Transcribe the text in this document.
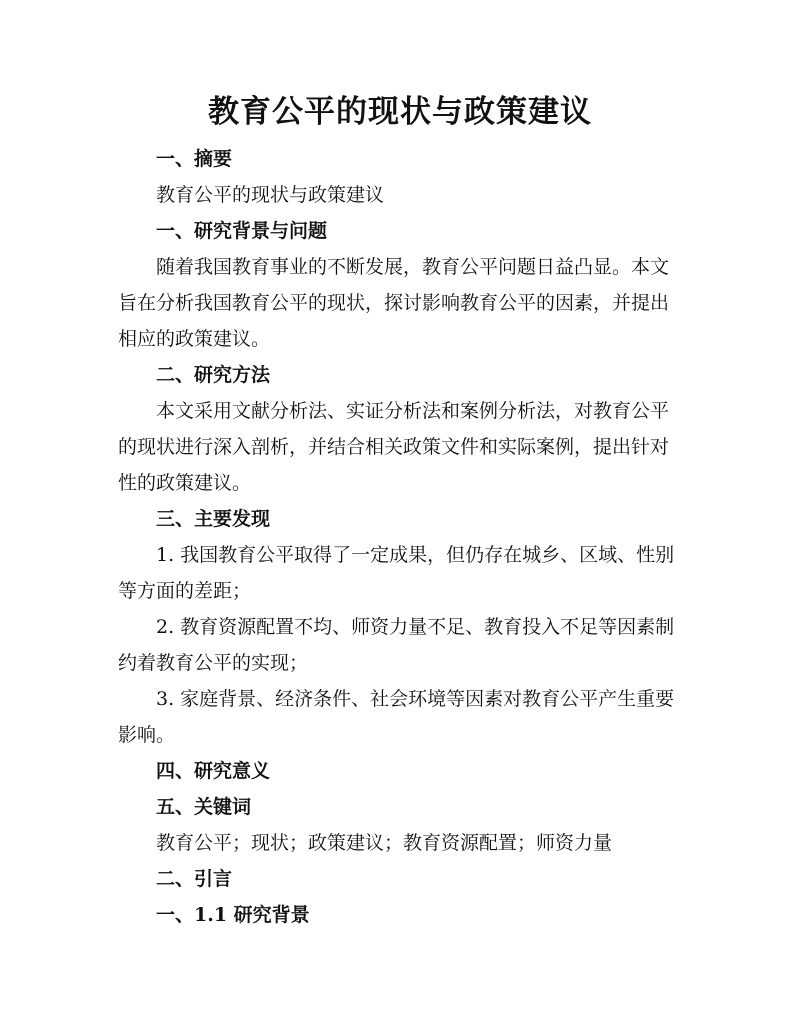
教育公平的现状与政策建议
一、摘要

教育公平的现状与政策建议

一、研究背景与问题

随着我国教育事业的不断发展，教育公平问题日益凸显。本文旨在分析我国教育公平的现状，探讨影响教育公平的因素，并提出相应的政策建议。

二、研究方法

本文采用文献分析法、实证分析法和案例分析法，对教育公平的现状进行深入剖析，并结合相关政策文件和实际案例，提出针对性的政策建议。

三、主要发现

1. 我国教育公平取得了一定成果，但仍存在城乡、区域、性别等方面的差距；

2. 教育资源配置不均、师资力量不足、教育投入不足等因素制约着教育公平的实现；

3. 家庭背景、经济条件、社会环境等因素对教育公平产生重要影响。

四、研究意义
五、关键词

教育公平；现状；政策建议；教育资源配置；师资力量

二、引言
一、1.1 研究背景
